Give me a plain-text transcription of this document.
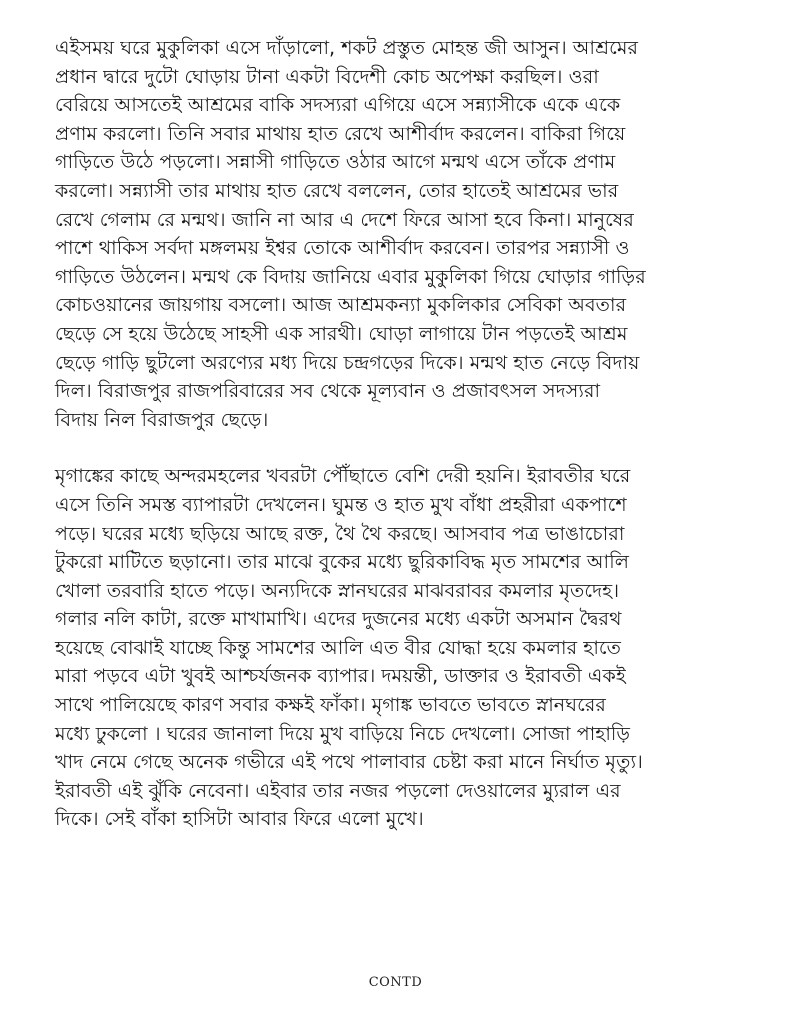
এইসময় ঘরে মুকুলিকা এসে দাঁড়ালো, শকট প্রস্তুত মোহন্ত জী আসুন। আশ্রমের
প্রধান দ্বারে দুটো ঘোড়ায় টানা একটা বিদেশী কোচ অপেক্ষা করছিল। ওরা
বেরিয়ে আসতেই আশ্রমের বাকি সদস্যরা এগিয়ে এসে সন্ন্যাসীকে একে একে
প্রণাম করলো। তিনি সবার মাথায় হাত রেখে আশীর্বাদ করলেন। বাকিরা গিয়ে
গাড়িতে উঠে পড়লো। সন্নাসী গাড়িতে ওঠার আগে মন্মথ এসে তাঁকে প্রণাম
করলো। সন্ন্যাসী তার মাথায় হাত রেখে বললেন, তোর হাতেই আশ্রমের ভার
রেখে গেলাম রে মন্মথ। জানি না আর এ দেশে ফিরে আসা হবে কিনা। মানুষের
পাশে থাকিস সর্বদা মঙ্গলময় ইশ্বর তোকে আশীর্বাদ করবেন। তারপর সন্ন্যাসী ও
গাড়িতে উঠলেন। মন্মথ কে বিদায় জানিয়ে এবার মুকুলিকা গিয়ে ঘোড়ার গাড়ির
কোচওয়ানের জায়গায় বসলো। আজ আশ্রমকন্যা মুকলিকার সেবিকা অবতার
ছেড়ে সে হয়ে উঠেছে সাহসী এক সারথী। ঘোড়া লাগায়ে টান পড়তেই আশ্রম
ছেড়ে গাড়ি ছুটলো অরণ্যের মধ্য দিয়ে চন্দ্রগড়ের দিকে। মন্মথ হাত নেড়ে বিদায়
দিল। বিরাজপুর রাজপরিবারের সব থেকে মূল্যবান ও প্রজাবৎসল সদস্যরা
বিদায় নিল বিরাজপুর ছেড়ে।

মৃগাঙ্কের কাছে অন্দরমহলের খবরটা পৌঁছাতে বেশি দেরী হয়নি। ইরাবতীর ঘরে
এসে তিনি সমস্ত ব্যাপারটা দেখলেন। ঘুমন্ত ও হাত মুখ বাঁধা প্রহরীরা একপাশে
পড়ে। ঘরের মধ্যে ছড়িয়ে আছে রক্ত, থৈ থৈ করছে। আসবাব পত্র ভাঙাচোরা
টুকরো মাটিতে ছড়ানো। তার মাঝে বুকের মধ্যে ছুরিকাবিদ্ধ মৃত সামশের আলি
খোলা তরবারি হাতে পড়ে। অন্যদিকে স্নানঘরের মাঝবরাবর কমলার মৃতদেহ।
গলার নলি কাটা, রক্তে মাখামাখি। এদের দুজনের মধ্যে একটা অসমান দ্বৈরথ
হয়েছে বোঝাই যাচ্ছে কিন্তু সামশের আলি এত বীর যোদ্ধা হয়ে কমলার হাতে
মারা পড়বে এটা খুবই আশ্চর্যজনক ব্যাপার। দময়ন্তী, ডাক্তার ও ইরাবতী একই
সাথে পালিয়েছে কারণ সবার কক্ষই ফাঁকা। মৃগাঙ্ক ভাবতে ভাবতে স্নানঘরের
মধ্যে ঢুকলো । ঘরের জানালা দিয়ে মুখ বাড়িয়ে নিচে দেখলো। সোজা পাহাড়ি
খাদ নেমে গেছে অনেক গভীরে এই পথে পালাবার চেষ্টা করা মানে নির্ঘাত মৃত্যু।
ইরাবতী এই ঝুঁকি নেবেনা। এইবার তার নজর পড়লো দেওয়ালের ম্যুরাল এর
দিকে। সেই বাঁকা হাসিটা আবার ফিরে এলো মুখে।

CONTD
